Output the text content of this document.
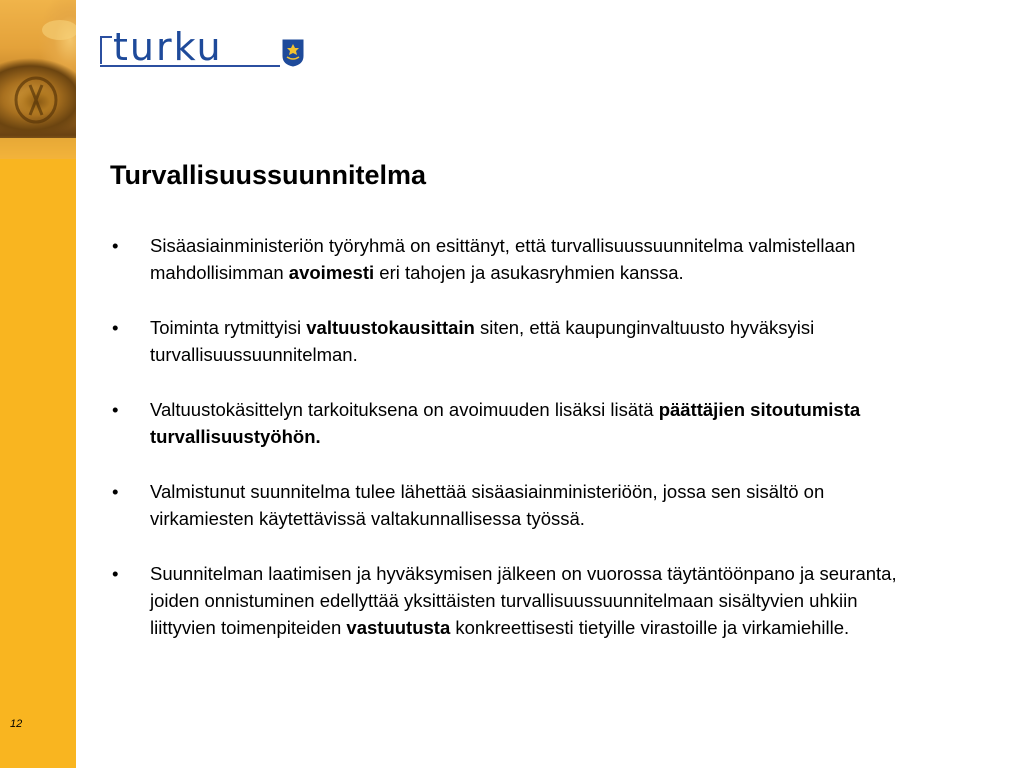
turku
Turvallisuussuunnitelma
• Sisäasiainministeriön työryhmä on esittänyt, että turvallisuussuunnitelma valmistellaan mahdollisimman avoimesti eri tahojen ja asukasryhmien kanssa.
• Toiminta rytmittyisi valtuustokausittain siten, että kaupunginvaltuusto hyväksyisi turvallisuussuunnitelman.
• Valtuustokäsittelyn tarkoituksena on avoimuuden lisäksi lisätä päättäjien sitoutumista turvallisuustyöhön.
• Valmistunut suunnitelma tulee lähettää sisäasiainministeriöön, jossa sen sisältö on virkamiesten käytettävissä valtakunnallisessa työssä.
• Suunnitelman laatimisen ja hyväksymisen jälkeen on vuorossa täytäntöönpano ja seuranta, joiden onnistuminen edellyttää yksittäisten turvallisuussuunnitelmaan sisältyvien uhkiin liittyvien toimenpiteiden vastuutusta konkreettisesti tietyille virastoille ja virkamiehille.
12
